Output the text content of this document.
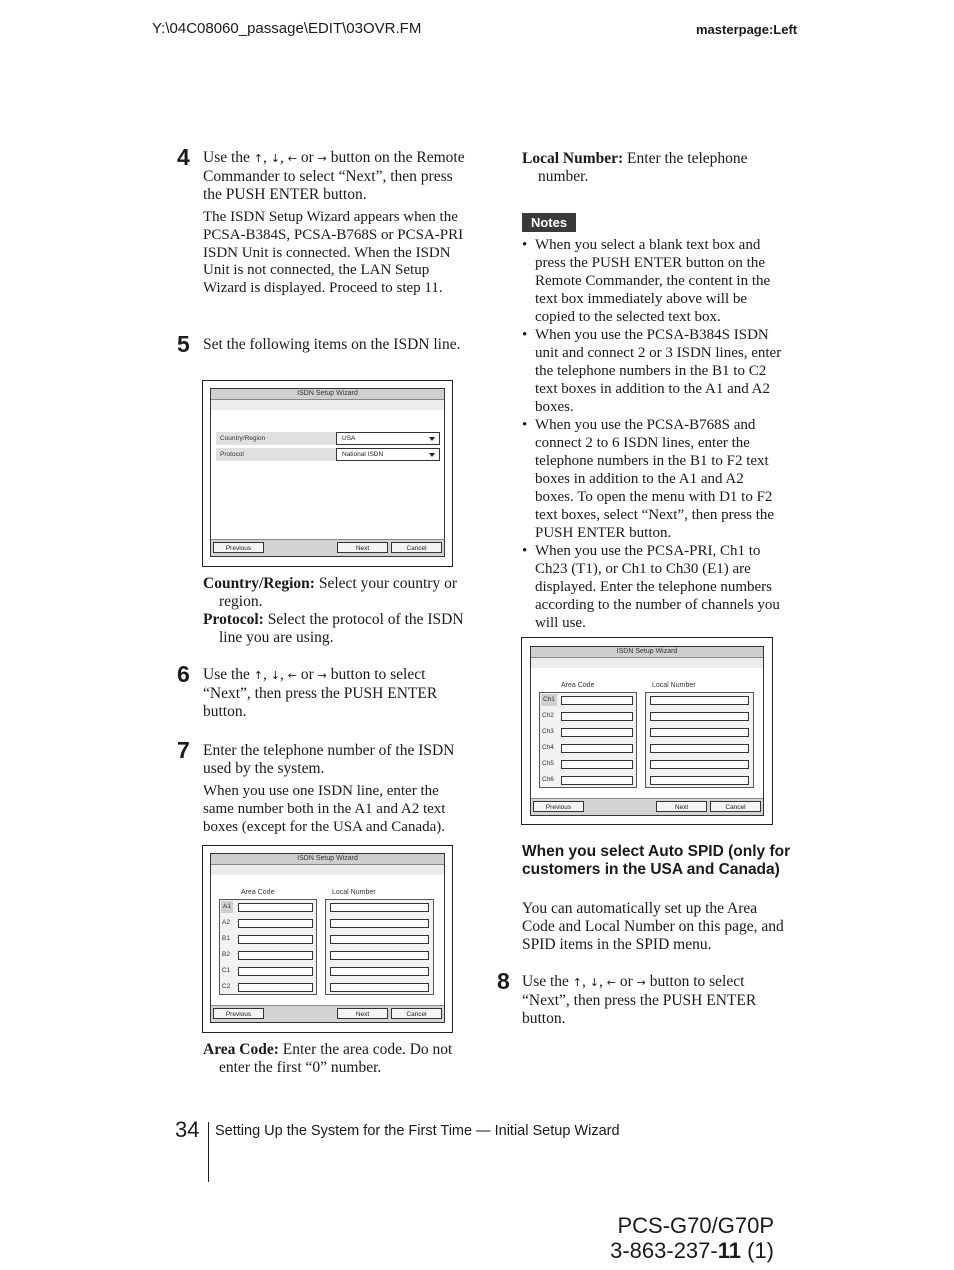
Y:\04C08060_passage\EDIT\03OVR.FM	masterpage:Left
4 Use the ↑, ↓, ← or → button on the Remote Commander to select “Next”, then press the PUSH ENTER button.
The ISDN Setup Wizard appears when the PCSA-B384S, PCSA-B768S or PCSA-PRI ISDN Unit is connected. When the ISDN Unit is not connected, the LAN Setup Wizard is displayed. Proceed to step 11.
5 Set the following items on the ISDN line.
ISDN Setup Wizard
Country/Region	USA
Protocol	National ISDN
Previous	Next	Cancel

Country/Region: Select your country or region.

Protocol: Select the protocol of the ISDN line you are using.

6 Use the ↑, ↓, ← or → button to select “Next”, then press the PUSH ENTER button.
7 Enter the telephone number of the ISDN used by the system.
When you use one ISDN line, enter the same number both in the A1 and A2 text boxes (except for the USA and Canada).
ISDN Setup Wizard
Area Code	Local Number
A1
A2
B1
B2
C1
C2
Previous	Next	Cancel

Area Code: Enter the area code. Do not enter the first “0” number.

Local Number: Enter the telephone number.

Notes
• When you select a blank text box and press the PUSH ENTER button on the Remote Commander, the content in the text box immediately above will be copied to the selected text box.
• When you use the PCSA-B384S ISDN unit and connect 2 or 3 ISDN lines, enter the telephone numbers in the B1 to C2 text boxes in addition to the A1 and A2 boxes.
• When you use the PCSA-B768S and connect 2 to 6 ISDN lines, enter the telephone numbers in the B1 to F2 text boxes in addition to the A1 and A2 boxes. To open the menu with D1 to F2 text boxes, select “Next”, then press the PUSH ENTER button.
• When you use the PCSA-PRI, Ch1 to Ch23 (T1), or Ch1 to Ch30 (E1) are displayed. Enter the telephone numbers according to the number of channels you will use.
ISDN Setup Wizard
Area Code	Local Number
Ch1
Ch2
Ch3
Ch4
Ch5
Ch6
Previous	Next	Cancel
When you select Auto SPID (only for customers in the USA and Canada)
You can automatically set up the Area Code and Local Number on this page, and SPID items in the SPID menu.
8 Use the ↑, ↓, ← or → button to select “Next”, then press the PUSH ENTER button.
34 Setting Up the System for the First Time — Initial Setup Wizard
PCS-G70/G70P
3-863-237-11 (1)
